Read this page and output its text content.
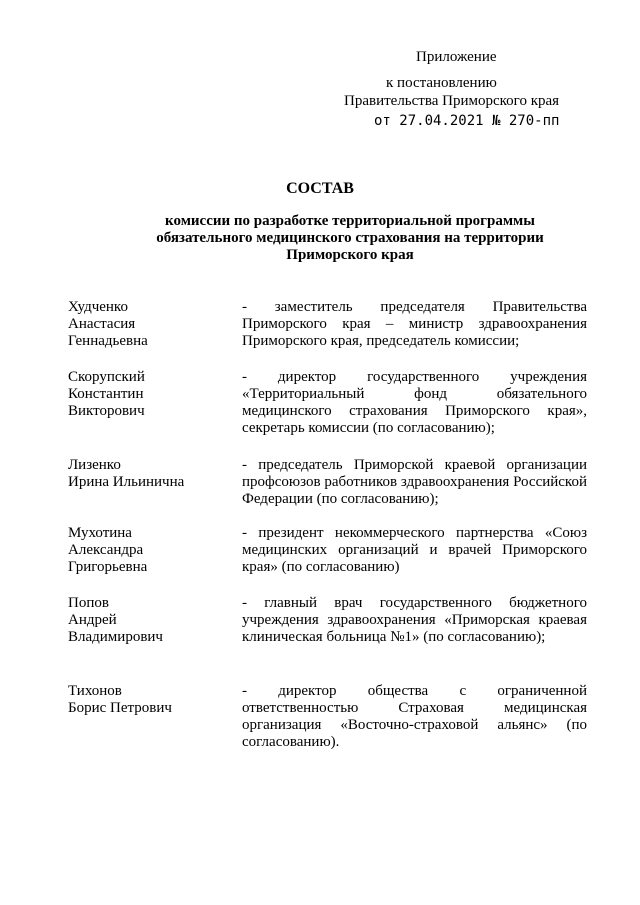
Приложение
к постановлению
Правительства Приморского края
от 27.04.2021 № 270-пп
СОСТАВ
комиссии по разработке территориальной программы
обязательного медицинского страхования на территории
Приморского края
Худченко
Анастасия
Геннадьевна
- заместитель председателя Правительства Приморского края – министр здравоохранения Приморского края, председатель комиссии;
Скорупский
Константин
Викторович
- директор государственного учреждения «Территориальный фонд обязательного медицинского страхования Приморского края», секретарь комиссии (по согласованию);
Лизенко
Ирина Ильинична
- председатель Приморской краевой организации профсоюзов работников здравоохранения Российской Федерации (по согласованию);
Мухотина
Александра
Григорьевна
- президент некоммерческого партнерства «Союз медицинских организаций и врачей Приморского края» (по согласованию)
Попов
Андрей
Владимирович
- главный врач государственного бюджетного учреждения здравоохранения «Приморская краевая клиническая больница №1» (по согласованию);
Тихонов
Борис Петрович
- директор общества с ограниченной ответственностью Страховая медицинская организация «Восточно-страховой альянс» (по согласованию).
